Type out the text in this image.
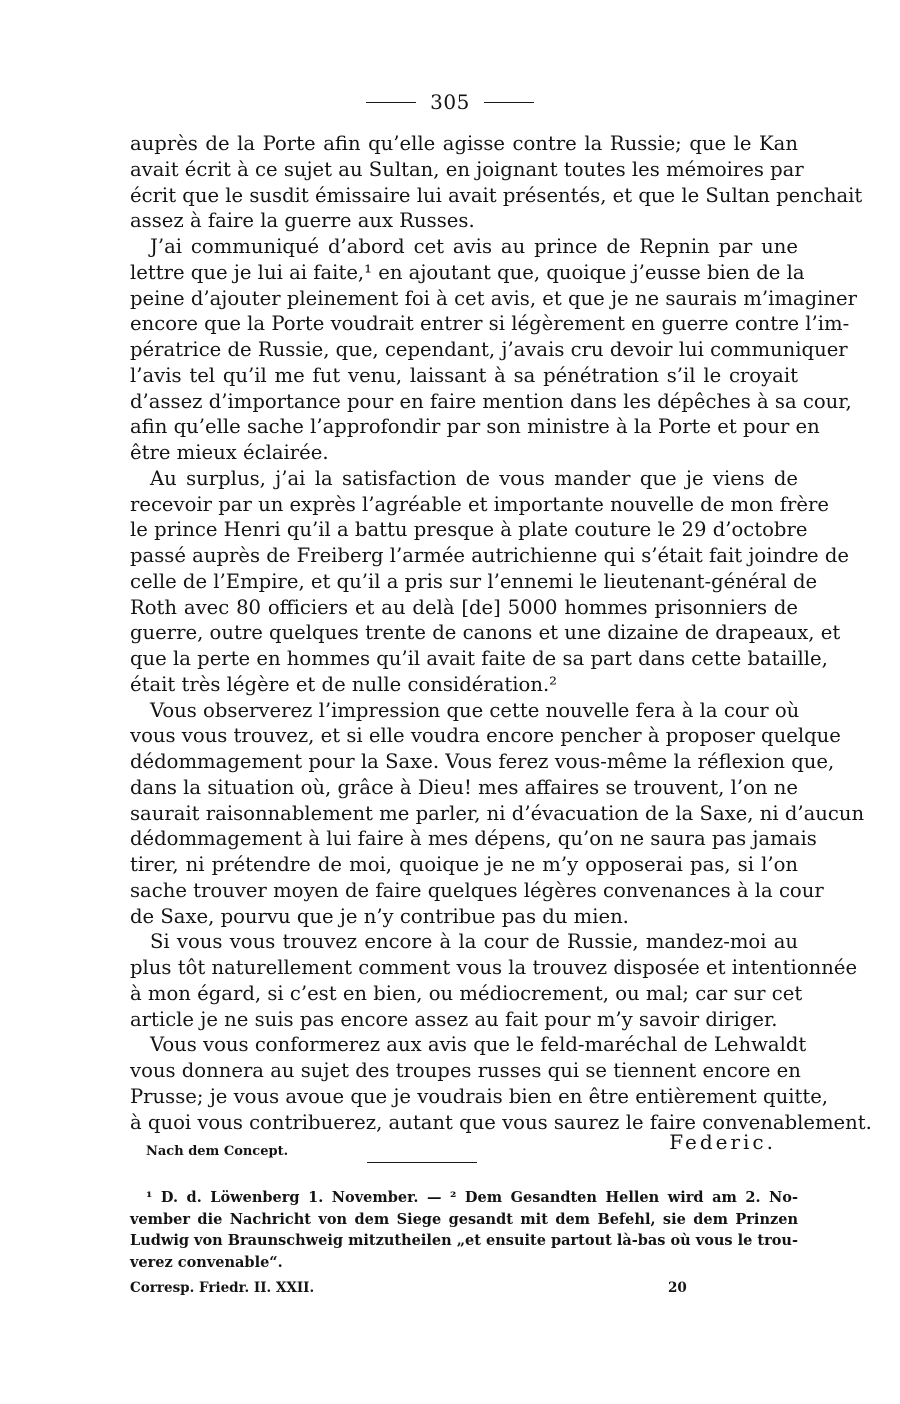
305
auprès de la Porte afin qu’elle agisse contre la Russie; que le Kan
avait écrit à ce sujet au Sultan, en joignant toutes les mémoires par
écrit que le susdit émissaire lui avait présentés, et que le Sultan penchait
assez à faire la guerre aux Russes.
J’ai communiqué d’abord cet avis au prince de Repnin par une
lettre que je lui ai faite,¹ en ajoutant que, quoique j’eusse bien de la
peine d’ajouter pleinement foi à cet avis, et que je ne saurais m’imaginer
encore que la Porte voudrait entrer si légèrement en guerre contre l’im-
pératrice de Russie, que, cependant, j’avais cru devoir lui communiquer
l’avis tel qu’il me fut venu, laissant à sa pénétration s’il le croyait
d’assez d’importance pour en faire mention dans les dépêches à sa cour,
afin qu’elle sache l’approfondir par son ministre à la Porte et pour en
être mieux éclairée.
Au surplus, j’ai la satisfaction de vous mander que je viens de
recevoir par un exprès l’agréable et importante nouvelle de mon frère
le prince Henri qu’il a battu presque à plate couture le 29 d’octobre
passé auprès de Freiberg l’armée autrichienne qui s’était fait joindre de
celle de l’Empire, et qu’il a pris sur l’ennemi le lieutenant-général de
Roth avec 80 officiers et au delà [de] 5000 hommes prisonniers de
guerre, outre quelques trente de canons et une dizaine de drapeaux, et
que la perte en hommes qu’il avait faite de sa part dans cette bataille,
était très légère et de nulle considération.²
Vous observerez l’impression que cette nouvelle fera à la cour où
vous vous trouvez, et si elle voudra encore pencher à proposer quelque
dédommagement pour la Saxe. Vous ferez vous-même la réflexion que,
dans la situation où, grâce à Dieu! mes affaires se trouvent, l’on ne
saurait raisonnablement me parler, ni d’évacuation de la Saxe, ni d’aucun
dédommagement à lui faire à mes dépens, qu’on ne saura pas jamais
tirer, ni prétendre de moi, quoique je ne m’y opposerai pas, si l’on
sache trouver moyen de faire quelques légères convenances à la cour
de Saxe, pourvu que je n’y contribue pas du mien.
Si vous vous trouvez encore à la cour de Russie, mandez-moi au
plus tôt naturellement comment vous la trouvez disposée et intentionnée
à mon égard, si c’est en bien, ou médiocrement, ou mal; car sur cet
article je ne suis pas encore assez au fait pour m’y savoir diriger.
Vous vous conformerez aux avis que le feld-maréchal de Lehwaldt
vous donnera au sujet des troupes russes qui se tiennent encore en
Prusse; je vous avoue que je voudrais bien en être entièrement quitte,
à quoi vous contribuerez, autant que vous saurez le faire convenablement.
Nach dem Concept.	Federic.
¹ D. d. Löwenberg 1. November. — ² Dem Gesandten Hellen wird am 2. No-
vember die Nachricht von dem Siege gesandt mit dem Befehl, sie dem Prinzen
Ludwig von Braunschweig mitzutheilen „et ensuite partout là-bas où vous le trou-
verez convenable“.
Corresp. Friedr. II. XXII.	20
